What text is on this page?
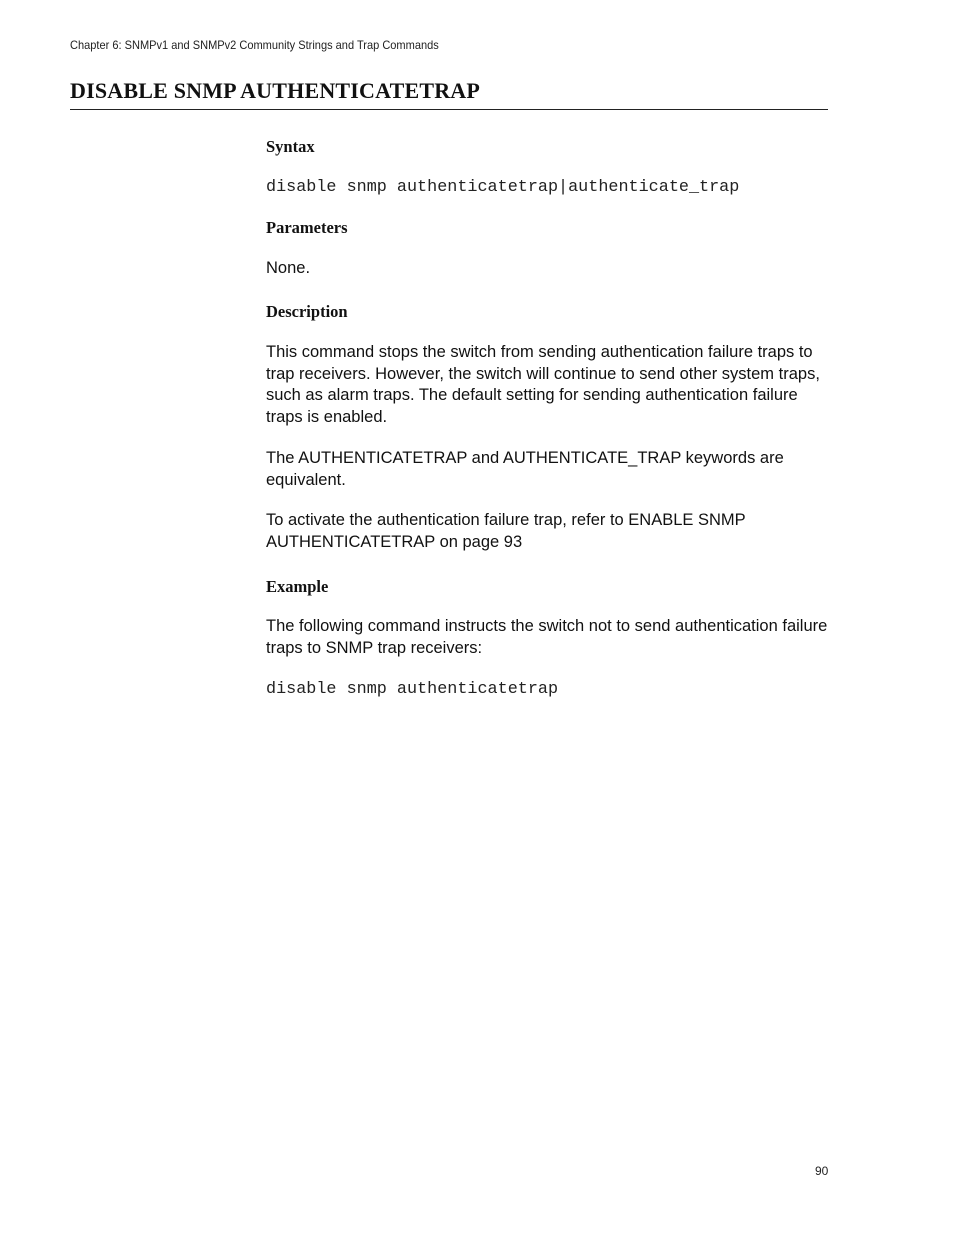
Chapter 6: SNMPv1 and SNMPv2 Community Strings and Trap Commands
DISABLE SNMP AUTHENTICATETRAP
Syntax
disable snmp authenticatetrap|authenticate_trap
Parameters

None.

Description

This command stops the switch from sending authentication failure traps to trap receivers. However, the switch will continue to send other system traps, such as alarm traps. The default setting for sending authentication failure traps is enabled.

The AUTHENTICATETRAP and AUTHENTICATE_TRAP keywords are equivalent.

To activate the authentication failure trap, refer to ENABLE SNMP AUTHENTICATETRAP on page 93

Example

The following command instructs the switch not to send authentication failure traps to SNMP trap receivers:

disable snmp authenticatetrap
90
